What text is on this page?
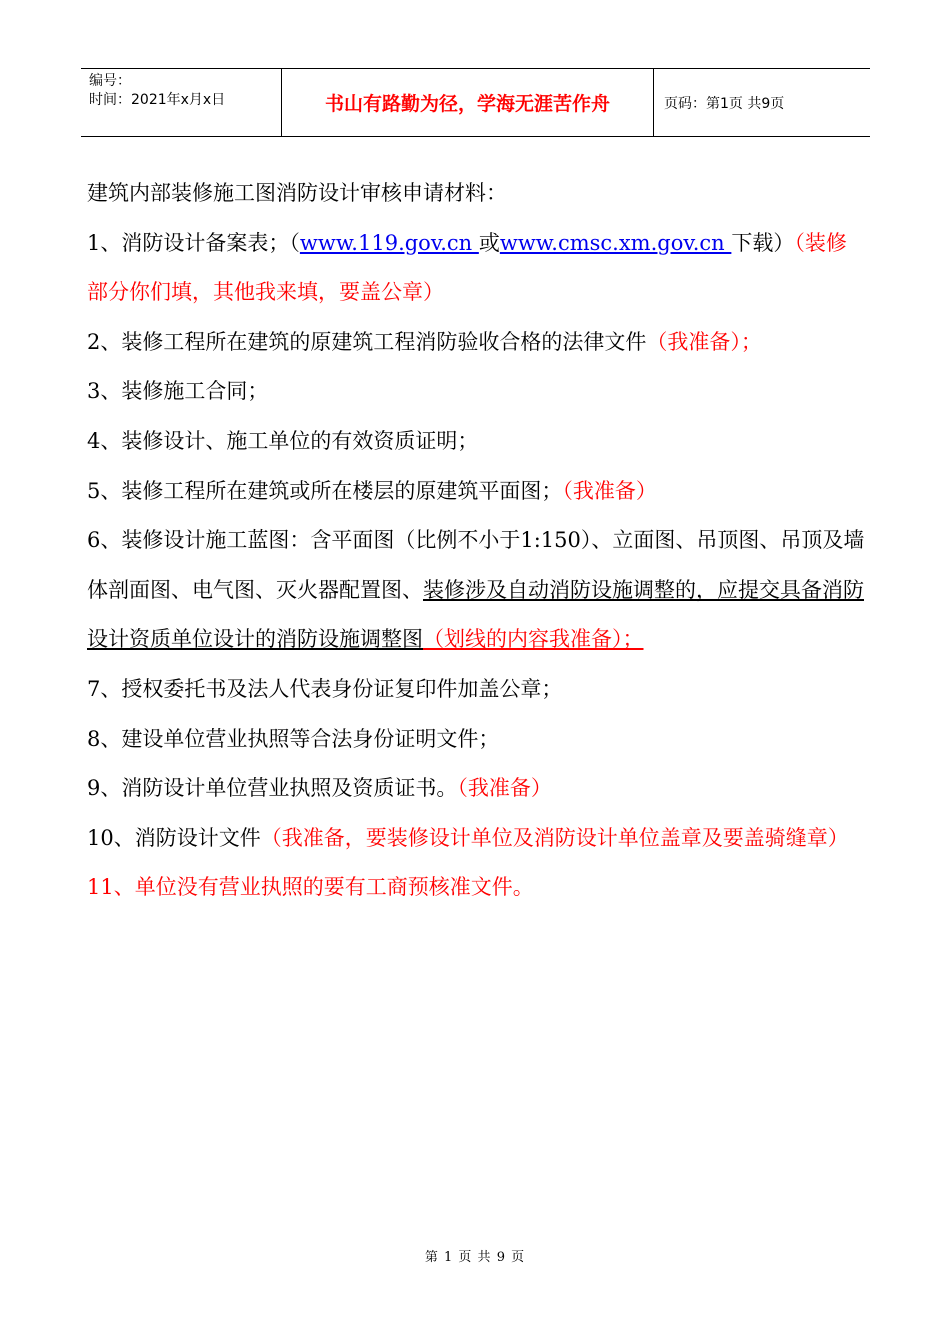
编号：
时间：2021年x月x日	书山有路勤为径，学海无涯苦作舟	页码：第1页 共9页

建筑内部装修施工图消防设计审核申请材料：

1、消防设计备案表；（www.119.gov.cn 或www.cmsc.xm.gov.cn 下载）（装修部分你们填，其他我来填，要盖公章）

2、装修工程所在建筑的原建筑工程消防验收合格的法律文件（我准备）；

3、装修施工合同；

4、装修设计、施工单位的有效资质证明；

5、装修工程所在建筑或所在楼层的原建筑平面图；（我准备）

6、装修设计施工蓝图：含平面图（比例不小于1:150）、立面图、吊顶图、吊顶及墙体剖面图、电气图、灭火器配置图、装修涉及自动消防设施调整的，应提交具备消防设计资质单位设计的消防设施调整图（划线的内容我准备）；

7、授权委托书及法人代表身份证复印件加盖公章；

8、建设单位营业执照等合法身份证明文件；

9、消防设计单位营业执照及资质证书。（我准备）

10、消防设计文件（我准备，要装修设计单位及消防设计单位盖章及要盖骑缝章）

11、单位没有营业执照的要有工商预核准文件。

第 1 页 共 9 页
